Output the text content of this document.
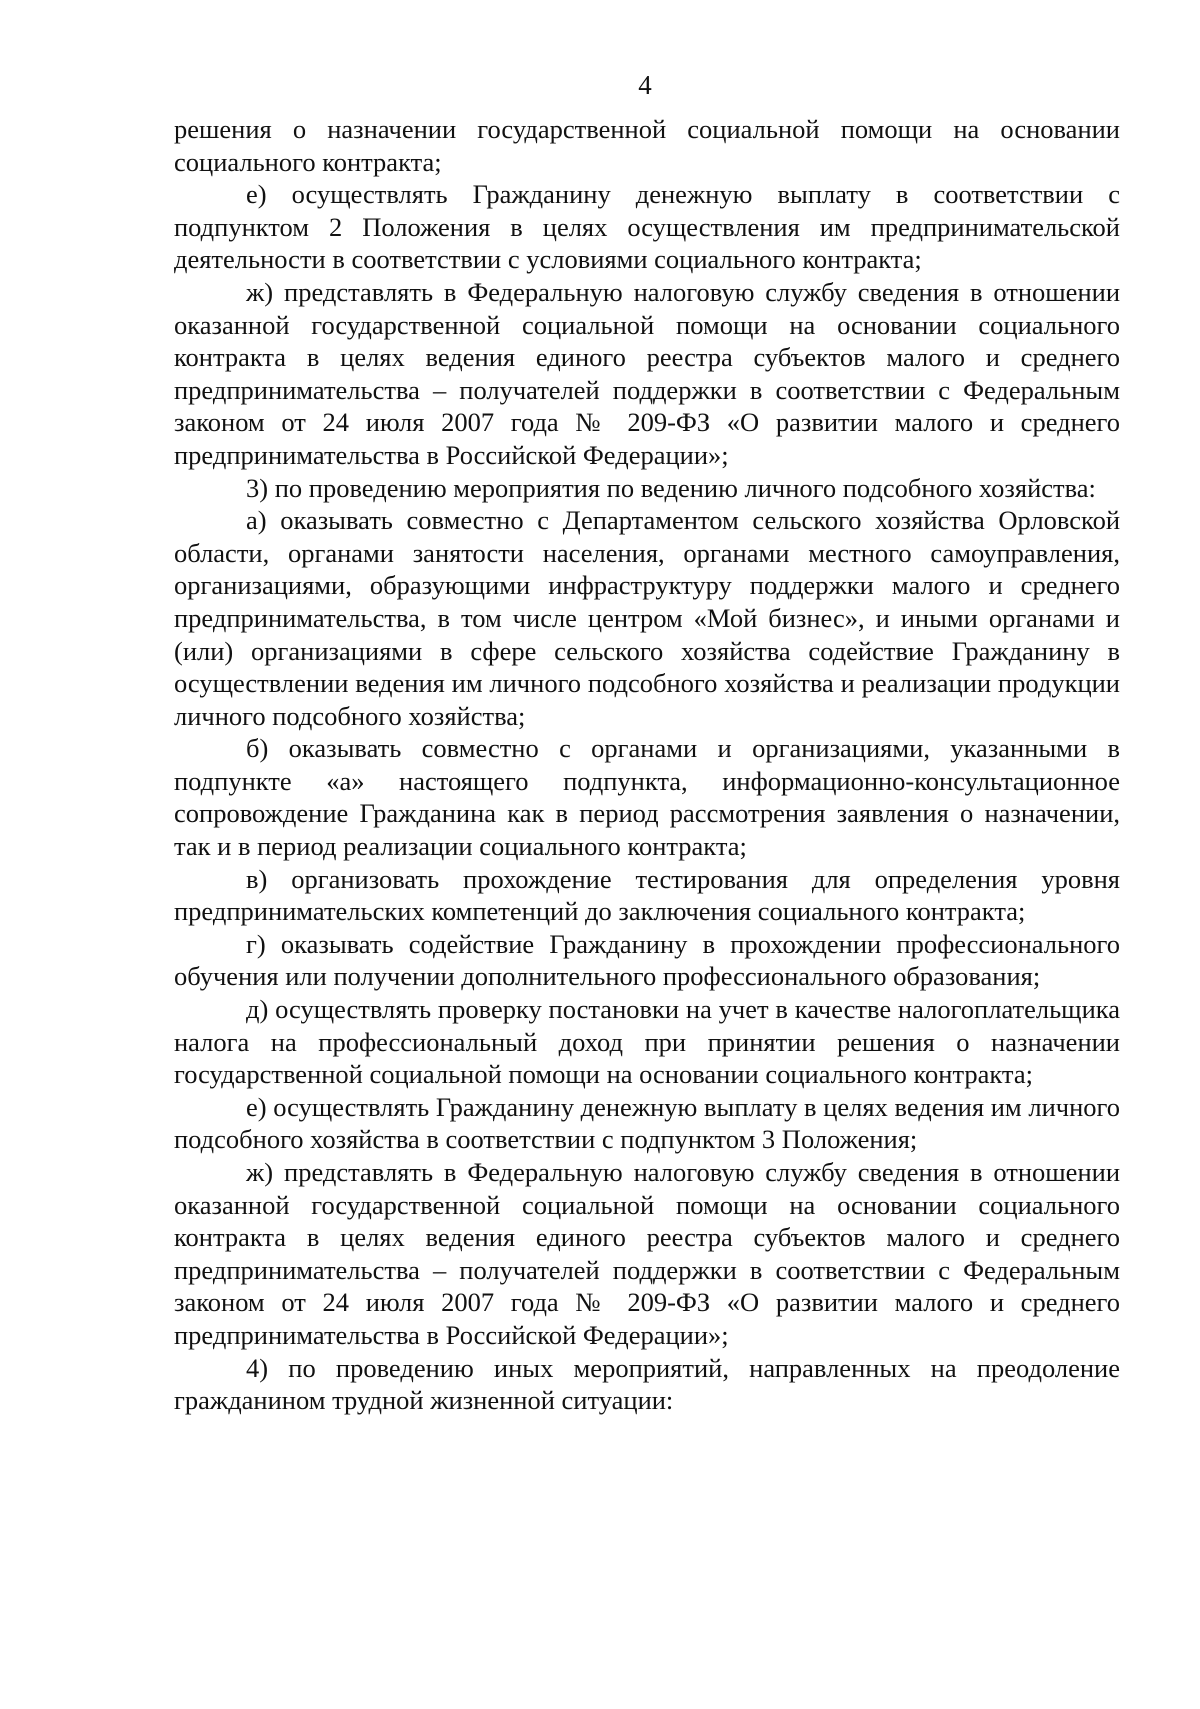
4

решения о назначении государственной социальной помощи на основании социального контракта;

е) осуществлять Гражданину денежную выплату в соответствии с подпунктом 2 Положения в целях осуществления им предпринимательской деятельности в соответствии с условиями социального контракта;

ж) представлять в Федеральную налоговую службу сведения в отношении оказанной государственной социальной помощи на основании социального контракта в целях ведения единого реестра субъектов малого и среднего предпринимательства – получателей поддержки в соответствии с Федеральным законом от 24 июля 2007 года № 209-ФЗ «О развитии малого и среднего предпринимательства в Российской Федерации»;

3) по проведению мероприятия по ведению личного подсобного хозяйства:

а) оказывать совместно с Департаментом сельского хозяйства Орловской области, органами занятости населения, органами местного самоуправления, организациями, образующими инфраструктуру поддержки малого и среднего предпринимательства, в том числе центром «Мой бизнес», и иными органами и (или) организациями в сфере сельского хозяйства содействие Гражданину в осуществлении ведения им личного подсобного хозяйства и реализации продукции личного подсобного хозяйства;

б) оказывать совместно с органами и организациями, указанными в подпункте «а» настоящего подпункта, информационно-консультационное сопровождение Гражданина как в период рассмотрения заявления о назначении, так и в период реализации социального контракта;

в) организовать прохождение тестирования для определения уровня предпринимательских компетенций до заключения социального контракта;

г) оказывать содействие Гражданину в прохождении профессионального обучения или получении дополнительного профессионального образования;

д) осуществлять проверку постановки на учет в качестве налогоплательщика налога на профессиональный доход при принятии решения о назначении государственной социальной помощи на основании социального контракта;

е) осуществлять Гражданину денежную выплату в целях ведения им личного подсобного хозяйства в соответствии с подпунктом 3 Положения;

ж) представлять в Федеральную налоговую службу сведения в отношении оказанной государственной социальной помощи на основании социального контракта в целях ведения единого реестра субъектов малого и среднего предпринимательства – получателей поддержки в соответствии с Федеральным законом от 24 июля 2007 года № 209-ФЗ «О развитии малого и среднего предпринимательства в Российской Федерации»;

4) по проведению иных мероприятий, направленных на преодоление гражданином трудной жизненной ситуации:
